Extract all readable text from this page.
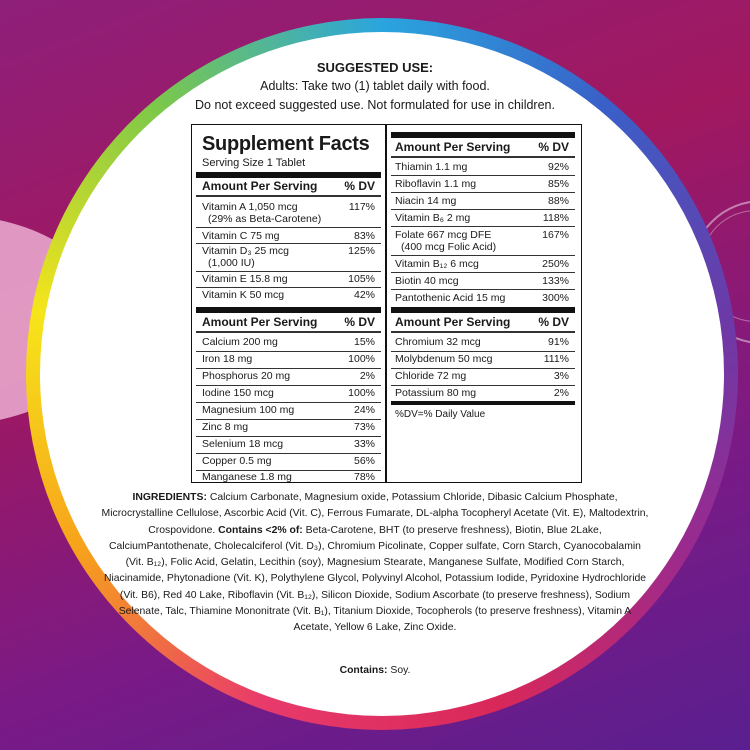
SUGGESTED USE:
Adults: Take two (1) tablet daily with food.
Do not exceed suggested use. Not formulated for use in children.
Supplement Facts
Serving Size 1 Tablet
Amount Per Serving % DV
Vitamin A 1,050 mcg	117%
(29% as Beta-Carotene)
Vitamin C 75 mg	83%
Vitamin D₃ 25 mcg	125%
(1,000 IU)
Vitamin E 15.8 mg	105%
Vitamin K 50 mcg	42%
Amount Per Serving % DV
Calcium 200 mg	15%
Iron 18 mg	100%
Phosphorus 20 mg	2%
Iodine 150 mcg	100%
Magnesium 100 mg	24%
Zinc 8 mg	73%
Selenium 18 mcg	33%
Copper 0.5 mg	56%
Manganese 1.8 mg	78%
Amount Per Serving % DV
Thiamin 1.1 mg	92%
Riboflavin 1.1 mg	85%
Niacin 14 mg	88%
Vitamin B₆ 2 mg	118%
Folate 667 mcg DFE	167%
(400 mcg Folic Acid)
Vitamin B₁₂ 6 mcg	250%
Biotin 40 mcg	133%
Pantothenic Acid 15 mg	300%
Amount Per Serving % DV
Chromium 32 mcg	91%
Molybdenum 50 mcg	111%
Chloride 72 mg	3%
Potassium 80 mg	2%
%DV=% Daily Value
INGREDIENTS: Calcium Carbonate, Magnesium oxide, Potassium Chloride, Dibasic Calcium Phosphate, Microcrystalline Cellulose, Ascorbic Acid (Vit. C), Ferrous Fumarate, DL-alpha Tocopheryl Acetate (Vit. E), Maltodextrin, Crospovidone. Contains <2% of: Beta-Carotene, BHT (to preserve freshness), Biotin, Blue 2Lake, CalciumPantothenate, Cholecalciferol (Vit. D₃), Chromium Picolinate, Copper sulfate, Corn Starch, Cyanocobalamin (Vit. B₁₂), Folic Acid, Gelatin, Lecithin (soy), Magnesium Stearate, Manganese Sulfate, Modified Corn Starch, Niacinamide, Phytonadione (Vit. K), Polythylene Glycol, Polyvinyl Alcohol, Potassium Iodide, Pyridoxine Hydrochloride (Vit. B6), Red 40 Lake, Riboflavin (Vit. B₁₂), Silicon Dioxide, Sodium Ascorbate (to preserve freshness), Sodium Selenate, Talc, Thiamine Mononitrate (Vit. B₁), Titanium Dioxide, Tocopherols (to preserve freshness), Vitamin A Acetate, Yellow 6 Lake, Zinc Oxide.
Contains: Soy.
